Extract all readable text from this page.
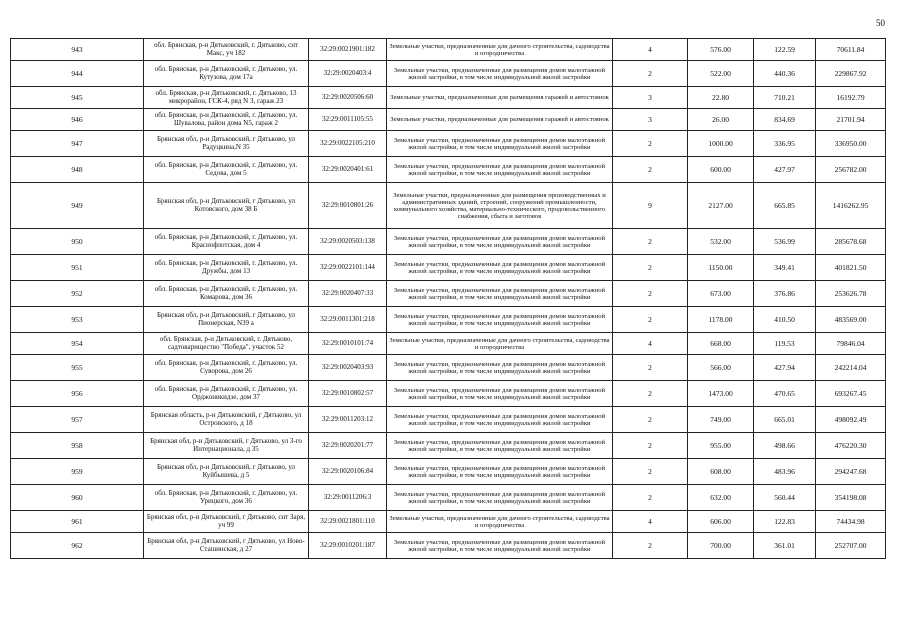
50
943	обл. Брянская, р-н Дятьковский, г. Дятьково, снт Макс, уч 182	32:29:0021901:182	Земельные участки, предназначенные для дачного строительства, садоводства и огородничества	4	576.00	122.59	70611.84
944	обл. Брянская, р-н Дятьковский, г. Дятьково, ул. Кутузова, дом 17а	32:29:0020403:4	Земельные участки, предназначенные для размещения домов малоэтажной жилой застройки, в том числе индивидуальной жилой застройки	2	522.00	440.36	229867.92
945	обл. Брянская, р-н Дятьковский, г. Дятьково, 13 микрорайон, ГСК-4, ряд N 3, гараж 23	32:29:0020506:60	Земельные участки, предназначенные для размещения гаражей и автостоянок	3	22.80	710.21	16192.79
946	обл. Брянская, р-н Дятьковский, г. Дятьково, ул. Шувалова, район дома N5, гараж 2	32:29:0011105:55	Земельные участки, предназначенные для размещения гаражей и автостоянок	3	26.00	834.69	21701.94
947	Брянская обл, р-н Дятьковский, г Дятьково, ул Радуцкина,N 35	32:29:0022105:210	Земельные участки, предназначенные для размещения домов малоэтажной жилой застройки, в том числе индивидуальной жилой застройки	2	1000.00	336.95	336950.00
948	обл. Брянская, р-н Дятьковский, г. Дятьково, ул. Седова, дом 5	32:29:0020401:61	Земельные участки, предназначенные для размещения домов малоэтажной жилой застройки, в том числе индивидуальной жилой застройки	2	600.00	427.97	256782.00
949	Брянская обл, р-н Дятьковский, г Дятьково, ул Котовского, дом 38 Б	32:29:0010801:26	Земельные участки, предназначенные для размещения производственных и административных зданий, строений, сооружений промышленности, коммунального хозяйства, материально-технического, продовольственного снабжения, сбыта и заготовок	9	2127.00	665.85	1416262.95
950	обл. Брянская, р-н Дятьковский, г. Дятьково, ул. Краснофлотская, дом 4	32:29:0020503:138	Земельные участки, предназначенные для размещения домов малоэтажной жилой застройки, в том числе индивидуальной жилой застройки	2	532.00	536.99	285678.68
951	обл. Брянская, р-н Дятьковский, г. Дятьково, ул. Дружбы, дом 13	32:29:0022101:144	Земельные участки, предназначенные для размещения домов малоэтажной жилой застройки, в том числе индивидуальной жилой застройки	2	1150.00	349.41	401821.50
952	обл. Брянская, р-н Дятьковский, г. Дятьково, ул. Комарова, дом 36	32:29:0020407:33	Земельные участки, предназначенные для размещения домов малоэтажной жилой застройки, в том числе индивидуальной жилой застройки	2	673.00	376.86	253626.78
953	Брянская обл, р-н Дятьковский, г Дятьково, ул Пионерская, N39 а	32:29:0011301:218	Земельные участки, предназначенные для размещения домов малоэтажной жилой застройки, в том числе индивидуальной жилой застройки	2	1178.00	410.50	483569.00
954	обл. Брянская, р-н Дятьковский, г. Дятьково, садтоварищество "Победа", участок 52	32:29:0010101:74	Земельные участки, предназначенные для дачного строительства, садоводства и огородничества	4	668.00	119.53	79846.04
955	обл. Брянская, р-н Дятьковский, г. Дятьково, ул. Суворова, дом 26	32:29:0020403:93	Земельные участки, предназначенные для размещения домов малоэтажной жилой застройки, в том числе индивидуальной жилой застройки	2	566.00	427.94	242214.04
956	обл. Брянская, р-н Дятьковский, г. Дятьково, ул. Орджоникидзе, дом 37	32:29:0010802:57	Земельные участки, предназначенные для размещения домов малоэтажной жилой застройки, в том числе индивидуальной жилой застройки	2	1473.00	470.65	693267.45
957	Брянская область, р-н Дятьковский, г Дятьково, ул Островского, д 18	32:29:0011203:12	Земельные участки, предназначенные для размещения домов малоэтажной жилой застройки, в том числе индивидуальной жилой застройки	2	749.00	665.01	498092.49
958	Брянская обл, р-н Дятьковский, г Дятьково, ул 3-го Интернационала, д 35	32:29:0020201:77	Земельные участки, предназначенные для размещения домов малоэтажной жилой застройки, в том числе индивидуальной жилой застройки	2	955.00	498.66	476220.30
959	Брянская обл, р-н Дятьковский, г Дятьково, ул Куйбышева, д 5	32:29:0020106:84	Земельные участки, предназначенные для размещения домов малоэтажной жилой застройки, в том числе индивидуальной жилой застройки	2	608.00	483.96	294247.68
960	обл. Брянская, р-н Дятьковский, г. Дятьково, ул. Урицкого, дом 36	32:29:0011206:3	Земельные участки, предназначенные для размещения домов малоэтажной жилой застройки, в том числе индивидуальной жилой застройки	2	632.00	560.44	354198.08
961	Брянская обл, р-н Дятьковский, г Дятьково, снт Заря, уч 99	32:29:0021801:110	Земельные участки, предназначенные для дачного строительства, садоводства и огородничества	4	606.00	122.83	74434.98
962	Брянская обл, р-н Дятьковский, г Дятьково, ул Ново-Сташинская, д 27	32:29:0010201:187	Земельные участки, предназначенные для размещения домов малоэтажной жилой застройки, в том числе индивидуальной жилой застройки	2	700.00	361.01	252707.00
